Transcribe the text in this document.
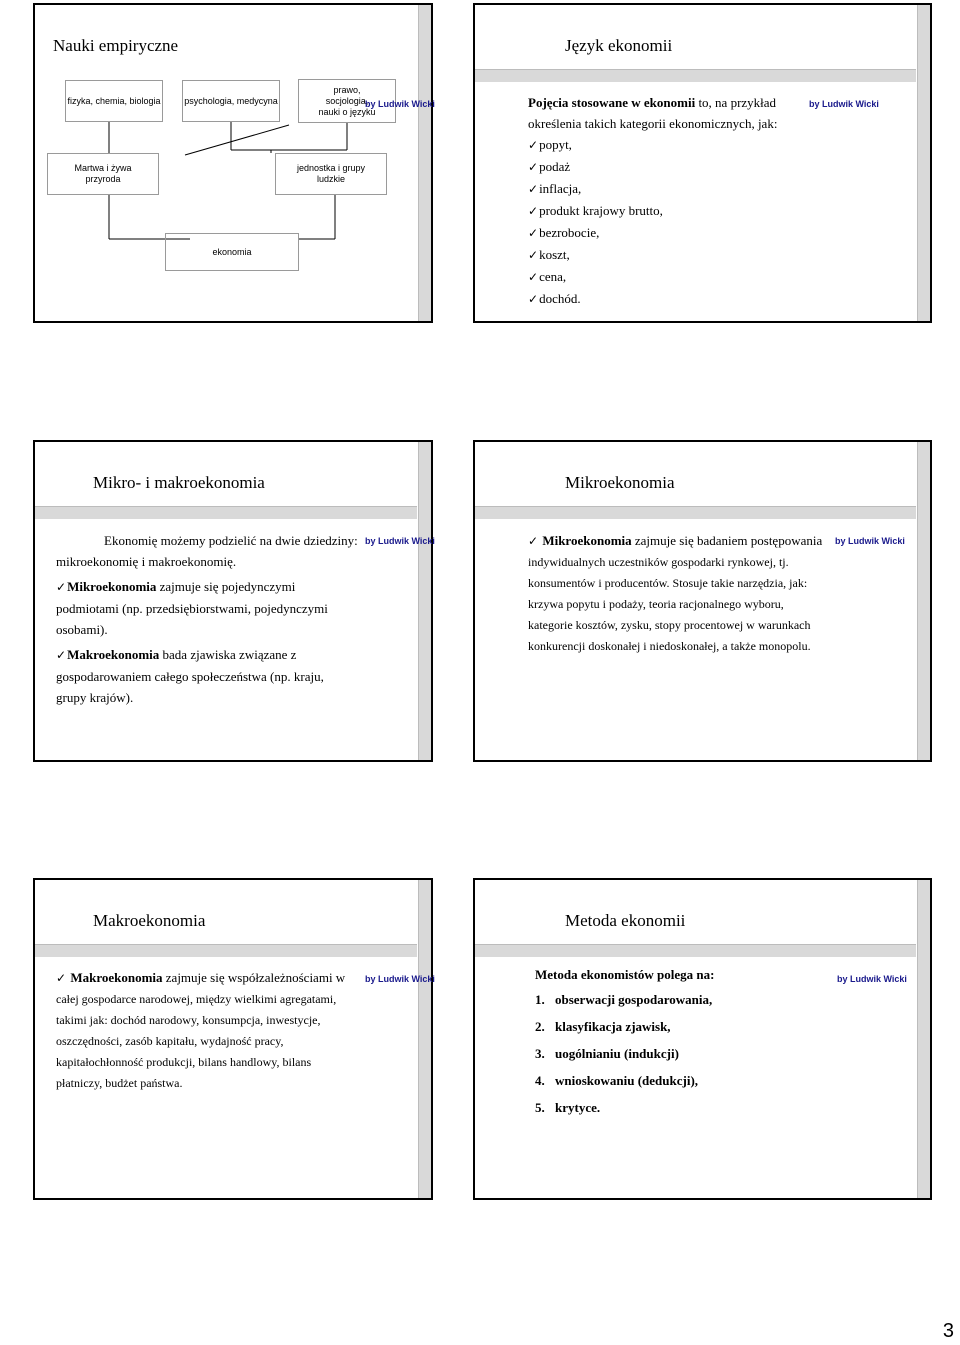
Nauki empiryczne
fizyka, chemia, biologia	psychologia, medycyna
prawo, socjologia, nauki o języku
Martwa i żywa przyroda
jednostka i grupy ludzkie
ekonomia
by Ludwik Wicki
Język ekonomii
by Ludwik Wicki
Pojęcia stosowane w ekonomii to, na przykład
określenia takich kategorii ekonomicznych, jak:
✓ popyt,
✓ podaż
✓ inflacja,
✓ produkt krajowy brutto,
✓ bezrobocie,
✓ koszt,
✓ cena,
✓ dochód.
Mikro- i makroekonomia
by Ludwik Wicki
Ekonomię możemy podzielić na dwie dziedziny:
mikroekonomię i makroekonomię.
✓ Mikroekonomia zajmuje się pojedynczymi
podmiotami (np. przedsiębiorstwami, pojedynczymi
osobami).
✓ Makroekonomia bada zjawiska związane z
gospodarowaniem całego społeczeństwa (np. kraju,
grupy krajów).
Mikroekonomia
by Ludwik Wicki
✓ Mikroekonomia zajmuje się badaniem postępowania
indywidualnych uczestników gospodarki rynkowej, tj.
konsumentów i producentów. Stosuje takie narzędzia, jak:
krzywa popytu i podaży, teoria racjonalnego wyboru,
kategorie kosztów, zysku, stopy procentowej w warunkach
konkurencji doskonałej i niedoskonałej, a także monopolu.
Makroekonomia
by Ludwik Wicki
✓ Makroekonomia zajmuje się współzależnościami w
całej gospodarce narodowej, między wielkimi agregatami,
takimi jak: dochód narodowy, konsumpcja, inwestycje,
oszczędności, zasób kapitału, wydajność pracy,
kapitałochłonność produkcji, bilans handlowy, bilans
płatniczy, budżet państwa.
Metoda ekonomii
by Ludwik Wicki
Metoda ekonomistów polega na:
1. obserwacji gospodarowania,
2. klasyfikacja zjawisk,
3. uogólnianiu (indukcji)
4. wnioskowaniu (dedukcji),
5. krytyce.
3
